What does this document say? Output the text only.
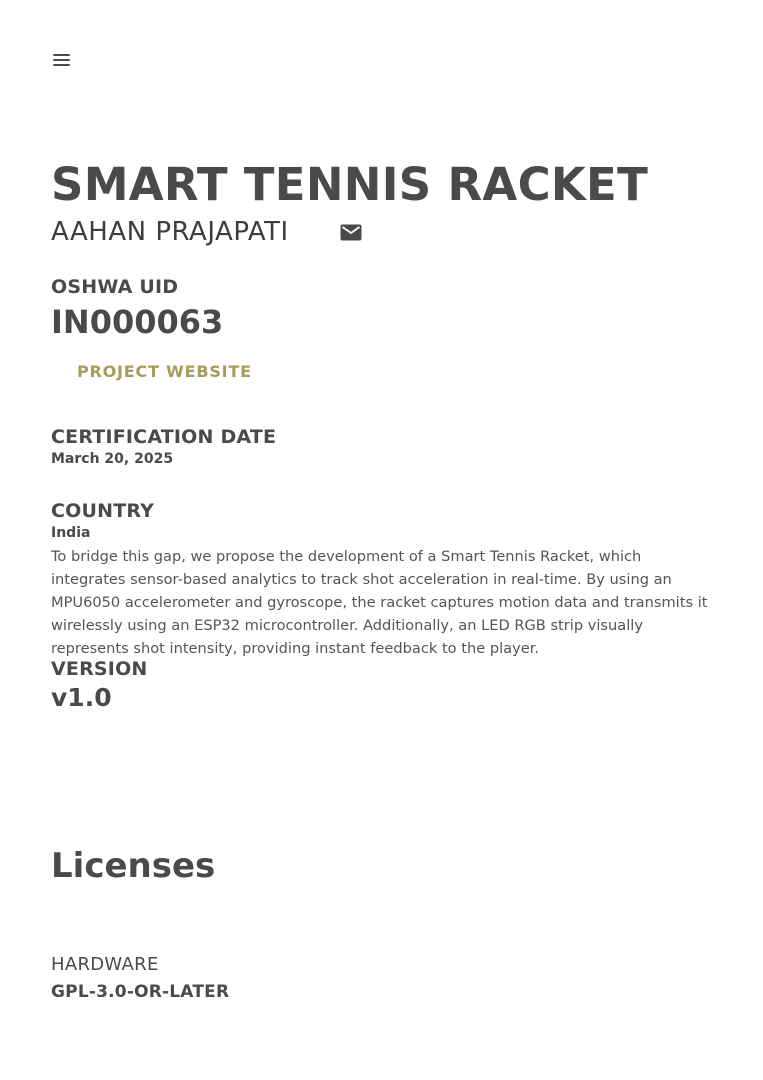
SMART TENNIS RACKET
AAHAN PRAJAPATI
OSHWA UID
IN000063
PROJECT WEBSITE
CERTIFICATION DATE
March 20, 2025
COUNTRY
India

To bridge this gap, we propose the development of a Smart Tennis Racket, which integrates sensor-based analytics to track shot acceleration in real-time. By using an MPU6050 accelerometer and gyroscope, the racket captures motion data and transmits it wirelessly using an ESP32 microcontroller. Additionally, an LED RGB strip visually represents shot intensity, providing instant feedback to the player.

VERSION
v1.0
Licenses
HARDWARE
GPL-3.0-OR-LATER
